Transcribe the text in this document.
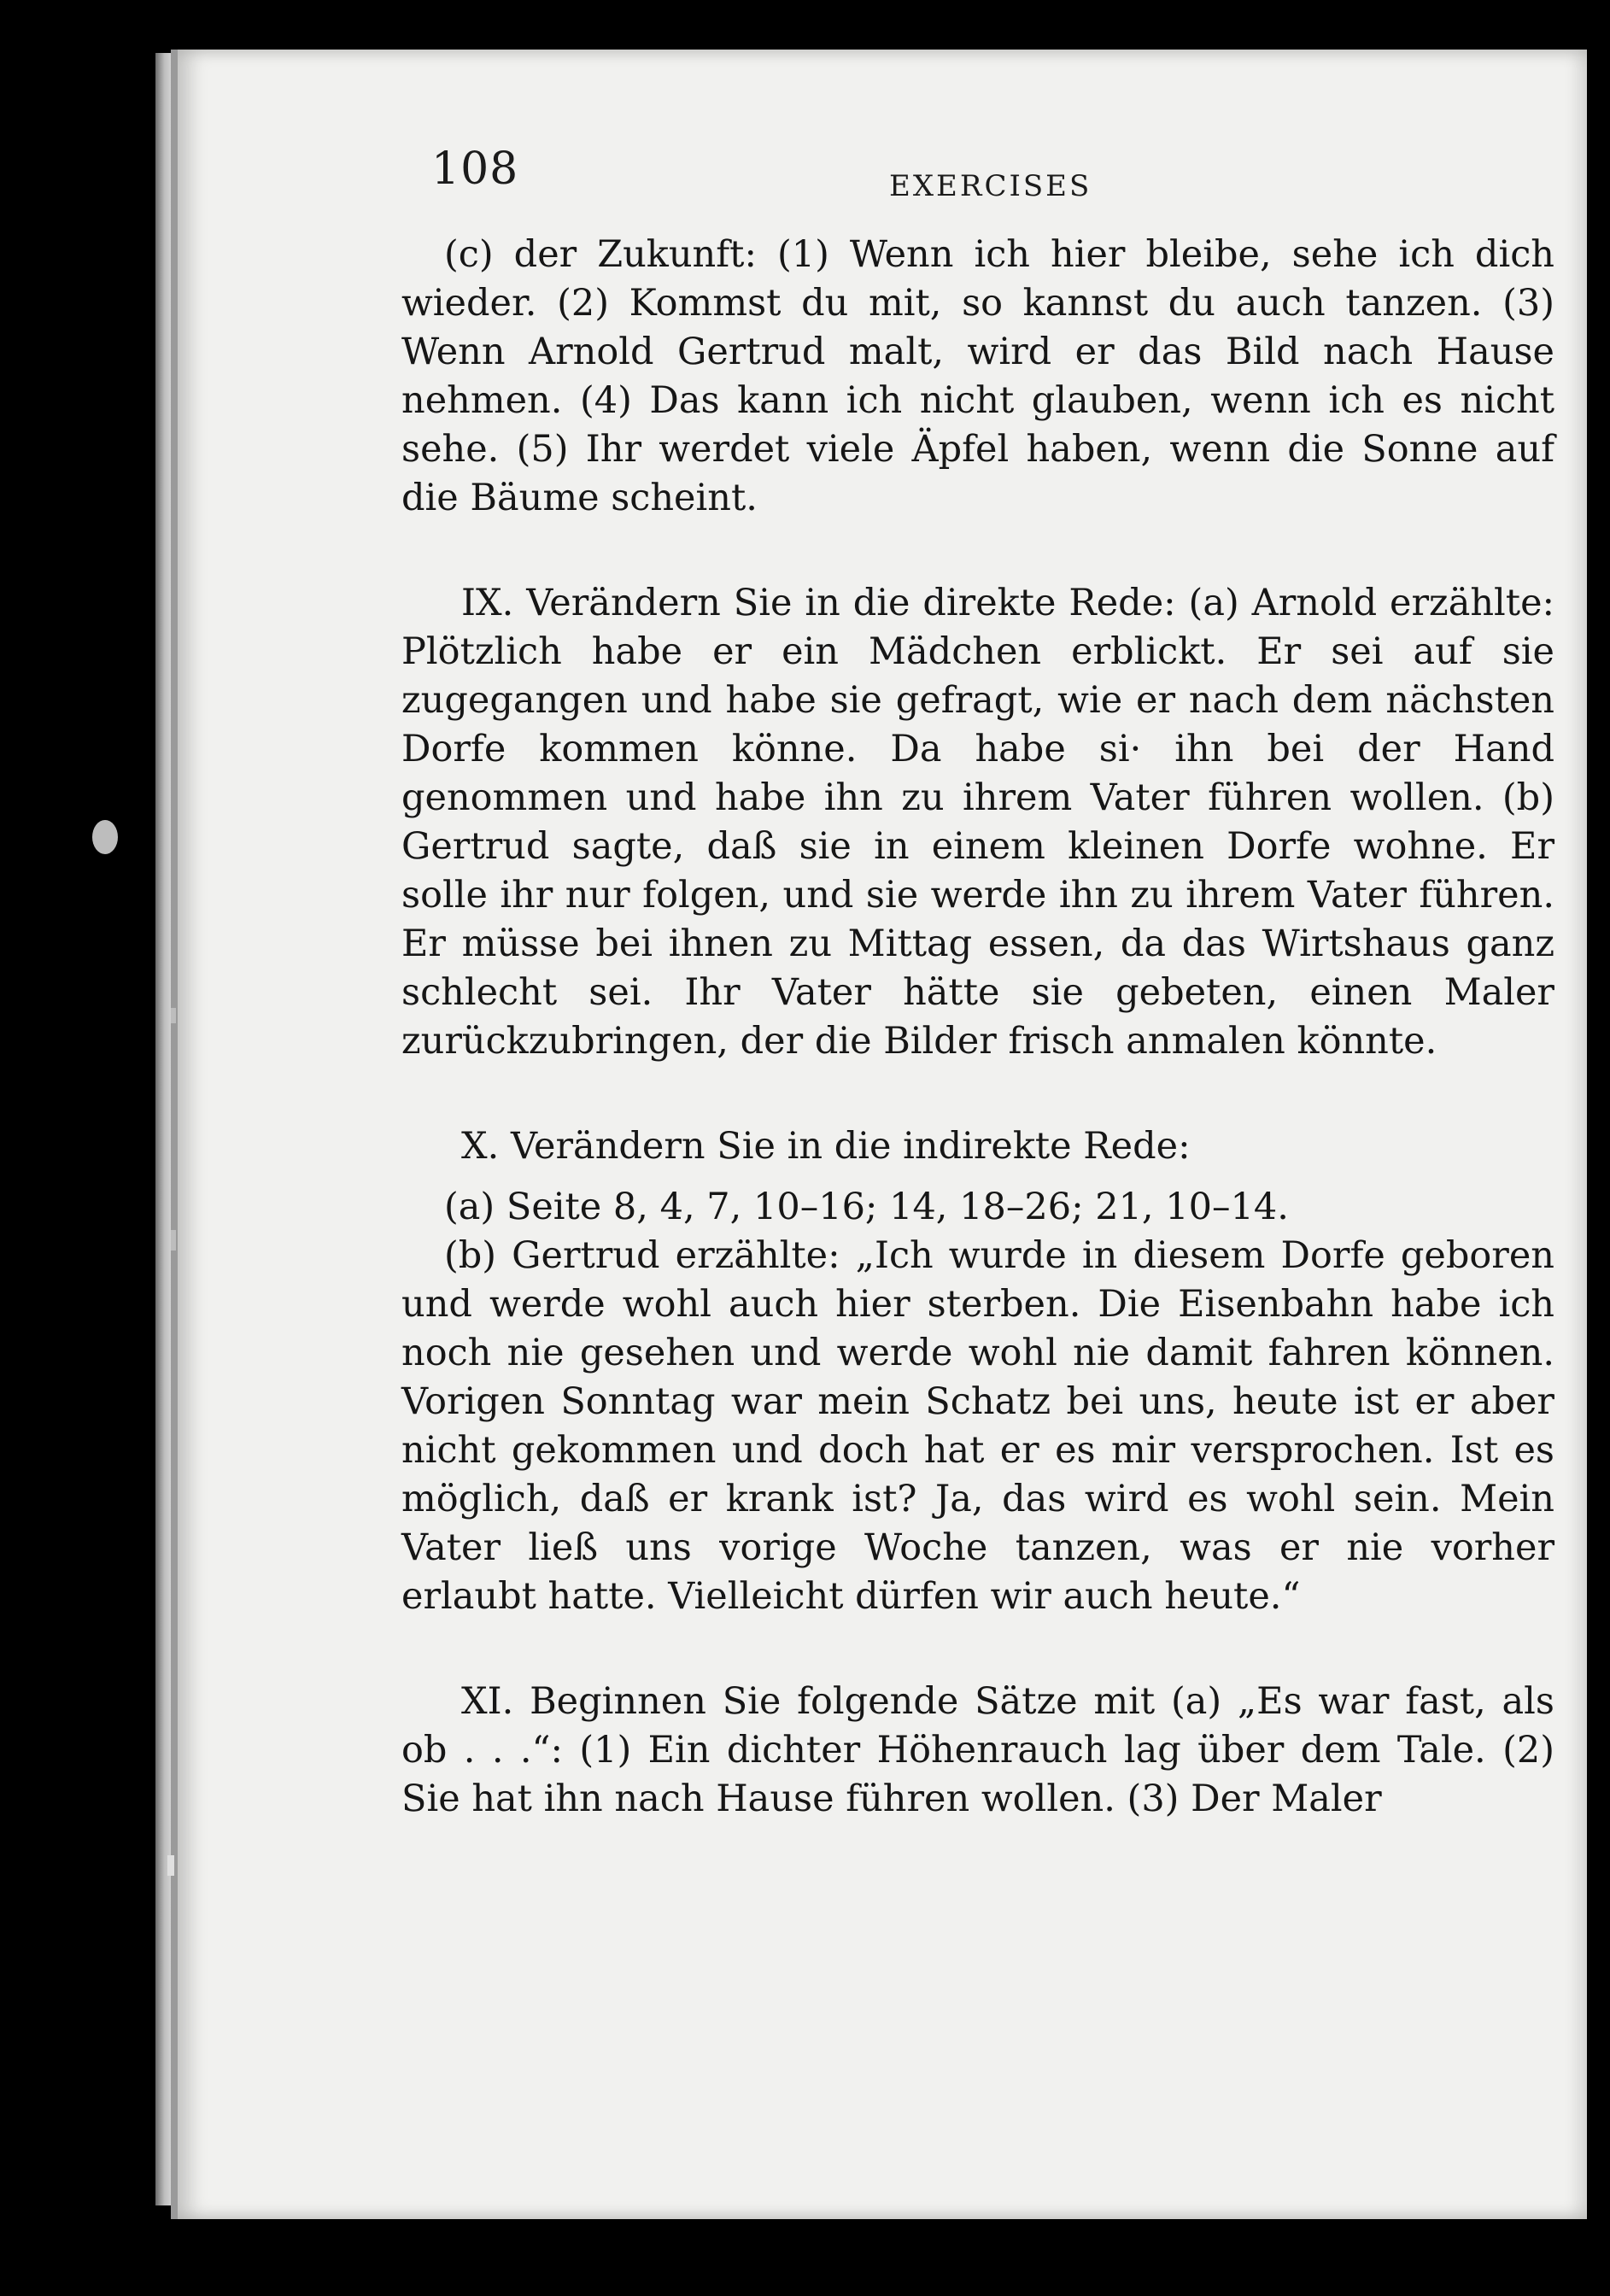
108	EXERCISES

(c) der Zukunft: (1) Wenn ich hier bleibe, sehe ich dich wieder. (2) Kommst du mit, so kannst du auch tanzen. (3) Wenn Arnold Gertrud malt, wird er das Bild nach Hause nehmen. (4) Das kann ich nicht glauben, wenn ich es nicht sehe. (5) Ihr werdet viele Äpfel haben, wenn die Sonne auf die Bäume scheint.

IX. Verändern Sie in die direkte Rede: (a) Arnold erzählte: Plötzlich habe er ein Mädchen erblickt. Er sei auf sie zugegangen und habe sie gefragt, wie er nach dem nächsten Dorfe kommen könne. Da habe si· ihn bei der Hand genommen und habe ihn zu ihrem Vater führen wollen. (b) Gertrud sagte, daß sie in einem kleinen Dorfe wohne. Er solle ihr nur folgen, und sie werde ihn zu ihrem Vater führen. Er müsse bei ihnen zu Mittag essen, da das Wirtshaus ganz schlecht sei. Ihr Vater hätte sie gebeten, einen Maler zurückzubringen, der die Bilder frisch anmalen könnte.

X. Verändern Sie in die indirekte Rede:

(a) Seite 8, 4, 7, 10–16; 14, 18–26; 21, 10–14.

(b) Gertrud erzählte: „Ich wurde in diesem Dorfe geboren und werde wohl auch hier sterben. Die Eisenbahn habe ich noch nie gesehen und werde wohl nie damit fahren können. Vorigen Sonntag war mein Schatz bei uns, heute ist er aber nicht gekommen und doch hat er es mir versprochen. Ist es möglich, daß er krank ist? Ja, das wird es wohl sein. Mein Vater ließ uns vorige Woche tanzen, was er nie vorher erlaubt hatte. Vielleicht dürfen wir auch heute.“

XI. Beginnen Sie folgende Sätze mit (a) „Es war fast, als ob . . .“: (1) Ein dichter Höhenrauch lag über dem Tale. (2) Sie hat ihn nach Hause führen wollen. (3) Der Maler
